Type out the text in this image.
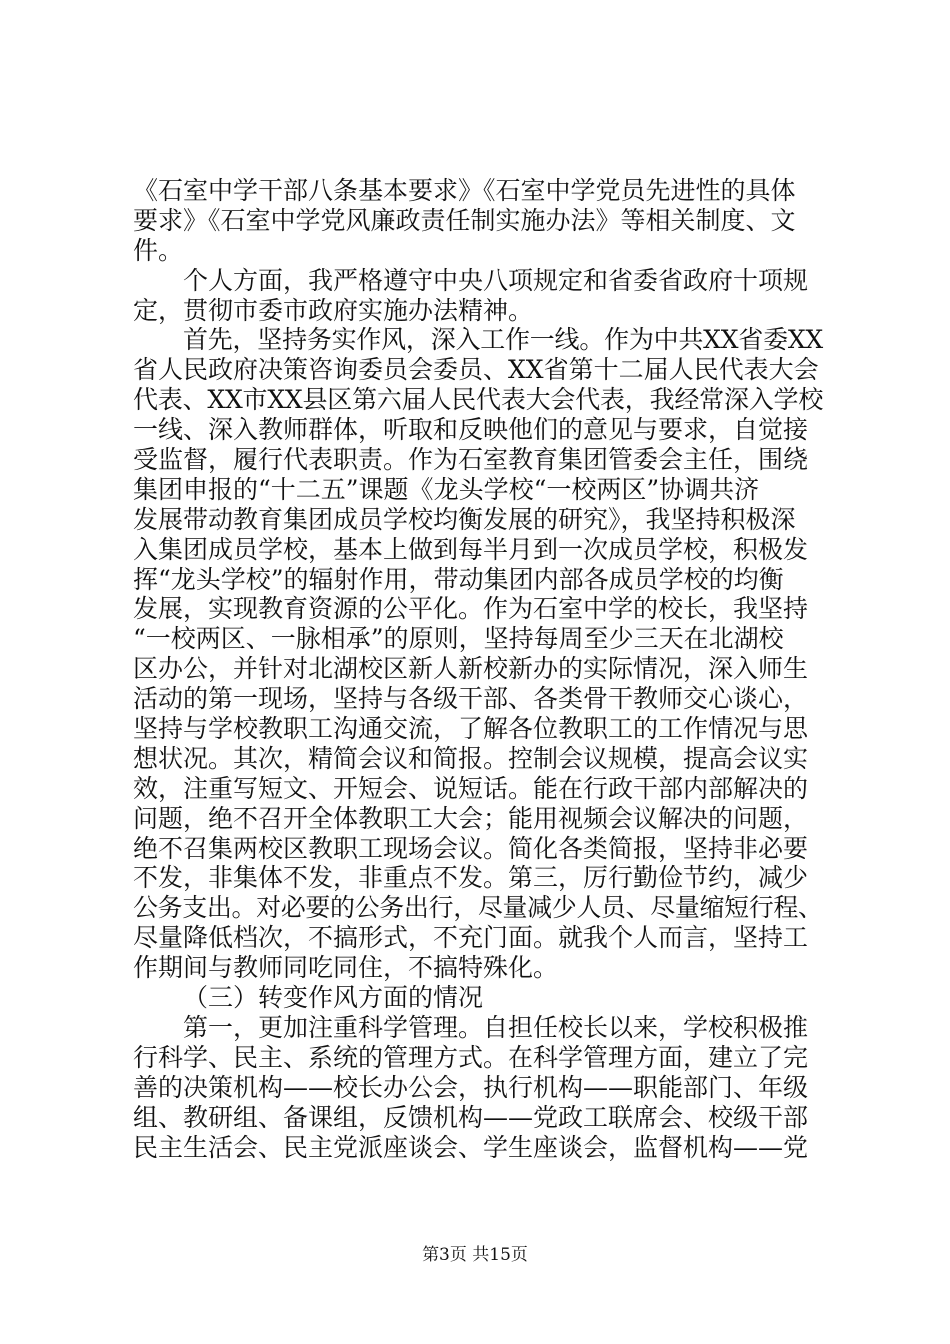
《石室中学干部八条基本要求》《石室中学党员先进性的具体
要求》《石室中学党风廉政责任制实施办法》等相关制度、文
件。
个人方面，我严格遵守中央八项规定和省委省政府十项规
定，贯彻市委市政府实施办法精神。
首先，坚持务实作风，深入工作一线。作为中共XX省委XX
省人民政府决策咨询委员会委员、XX省第十二届人民代表大会
代表、XX市XX县区第六届人民代表大会代表，我经常深入学校
一线、深入教师群体，听取和反映他们的意见与要求，自觉接
受监督，履行代表职责。作为石室教育集团管委会主任，围绕
集团申报的“十二五”课题《龙头学校“一校两区”协调共济
发展带动教育集团成员学校均衡发展的研究》，我坚持积极深
入集团成员学校，基本上做到每半月到一次成员学校，积极发
挥“龙头学校”的辐射作用，带动集团内部各成员学校的均衡
发展，实现教育资源的公平化。作为石室中学的校长，我坚持
“一校两区、一脉相承”的原则，坚持每周至少三天在北湖校
区办公，并针对北湖校区新人新校新办的实际情况，深入师生
活动的第一现场，坚持与各级干部、各类骨干教师交心谈心，
坚持与学校教职工沟通交流，了解各位教职工的工作情况与思
想状况。其次，精简会议和简报。控制会议规模，提高会议实
效，注重写短文、开短会、说短话。能在行政干部内部解决的
问题，绝不召开全体教职工大会；能用视频会议解决的问题，
绝不召集两校区教职工现场会议。简化各类简报，坚持非必要
不发，非集体不发，非重点不发。第三，厉行勤俭节约，减少
公务支出。对必要的公务出行，尽量减少人员、尽量缩短行程、
尽量降低档次，不搞形式，不充门面。就我个人而言，坚持工
作期间与教师同吃同住，不搞特殊化。
（三）转变作风方面的情况
第一，更加注重科学管理。自担任校长以来，学校积极推
行科学、民主、系统的管理方式。在科学管理方面，建立了完
善的决策机构——校长办公会，执行机构——职能部门、年级
组、教研组、备课组，反馈机构——党政工联席会、校级干部
民主生活会、民主党派座谈会、学生座谈会，监督机构——党
第3页 共15页
